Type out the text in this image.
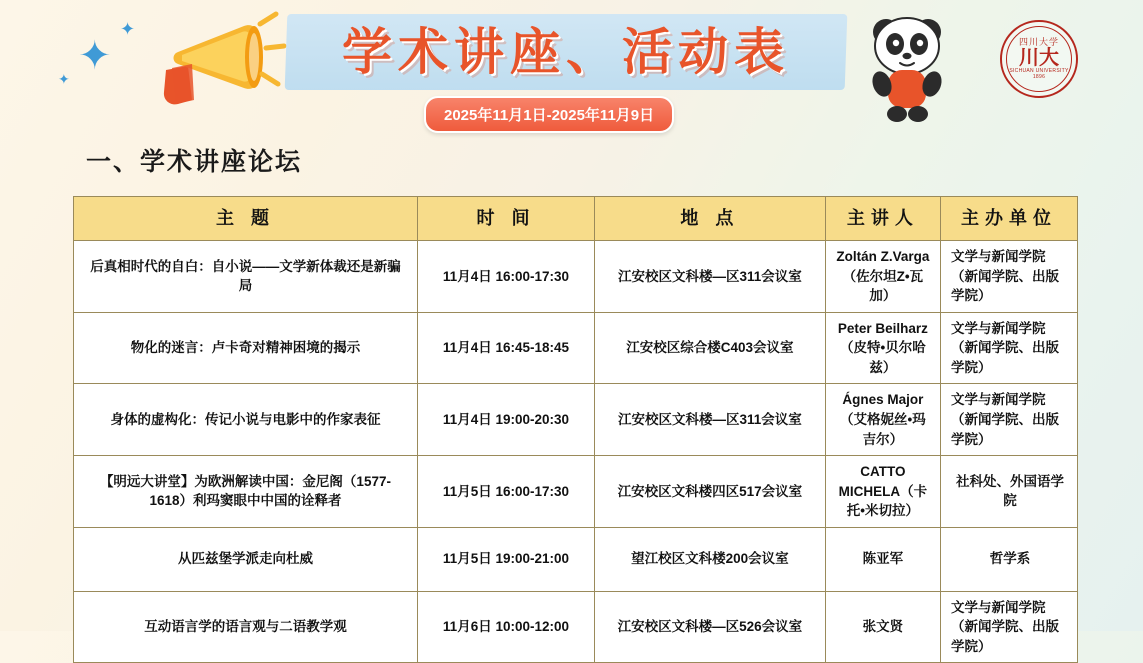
✦
✦
✦	学术讲座、活动表
2025年11月1日-2025年11月9日
四川大学
川大
SICHUAN UNIVERSITY
1896
一、学术讲座论坛
主 题	时 间	地 点	主讲人	主办单位
后真相时代的自白：自小说——文学新体裁还是新骗局	11月4日 16:00-17:30	江安校区文科楼—区311会议室	Zoltán Z.Varga（佐尔坦Z•瓦加）	文学与新闻学院（新闻学院、出版学院）
物化的迷言：卢卡奇对精神困境的揭示	11月4日 16:45-18:45	江安校区综合楼C403会议室	Peter Beilharz（皮特•贝尔哈兹）	文学与新闻学院（新闻学院、出版学院）
身体的虚构化：传记小说与电影中的作家表征	11月4日 19:00-20:30	江安校区文科楼—区311会议室	Ágnes Major（艾格妮丝•玛吉尔）	文学与新闻学院（新闻学院、出版学院）
【明远大讲堂】为欧洲解读中国：金尼阁（1577-1618）利玛窦眼中中国的诠释者	11月5日 16:00-17:30	江安校区文科楼四区517会议室	CATTO MICHELA（卡托•米切拉）	社科处、外国语学院
从匹兹堡学派走向杜威	11月5日 19:00-21:00	望江校区文科楼200会议室	陈亚军	哲学系
互动语言学的语言观与二语教学观	11月6日 10:00-12:00	江安校区文科楼—区526会议室	张文贤	文学与新闻学院（新闻学院、出版学院）
